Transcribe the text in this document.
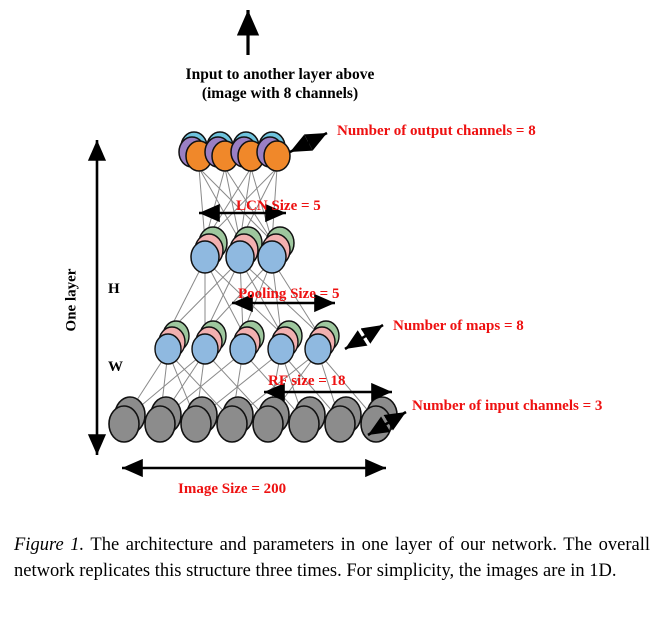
Input to another layer above
(image with 8 channels)
Number of output channels = 8
LCN Size = 5
Pooling Size = 5
Number of maps = 8
RF size = 18
Number of input channels = 3
Image Size = 200
H
W
One layer
Figure 1. The architecture and parameters in one layer of our network. The overall network replicates this structure three times. For simplicity, the images are in 1D.
